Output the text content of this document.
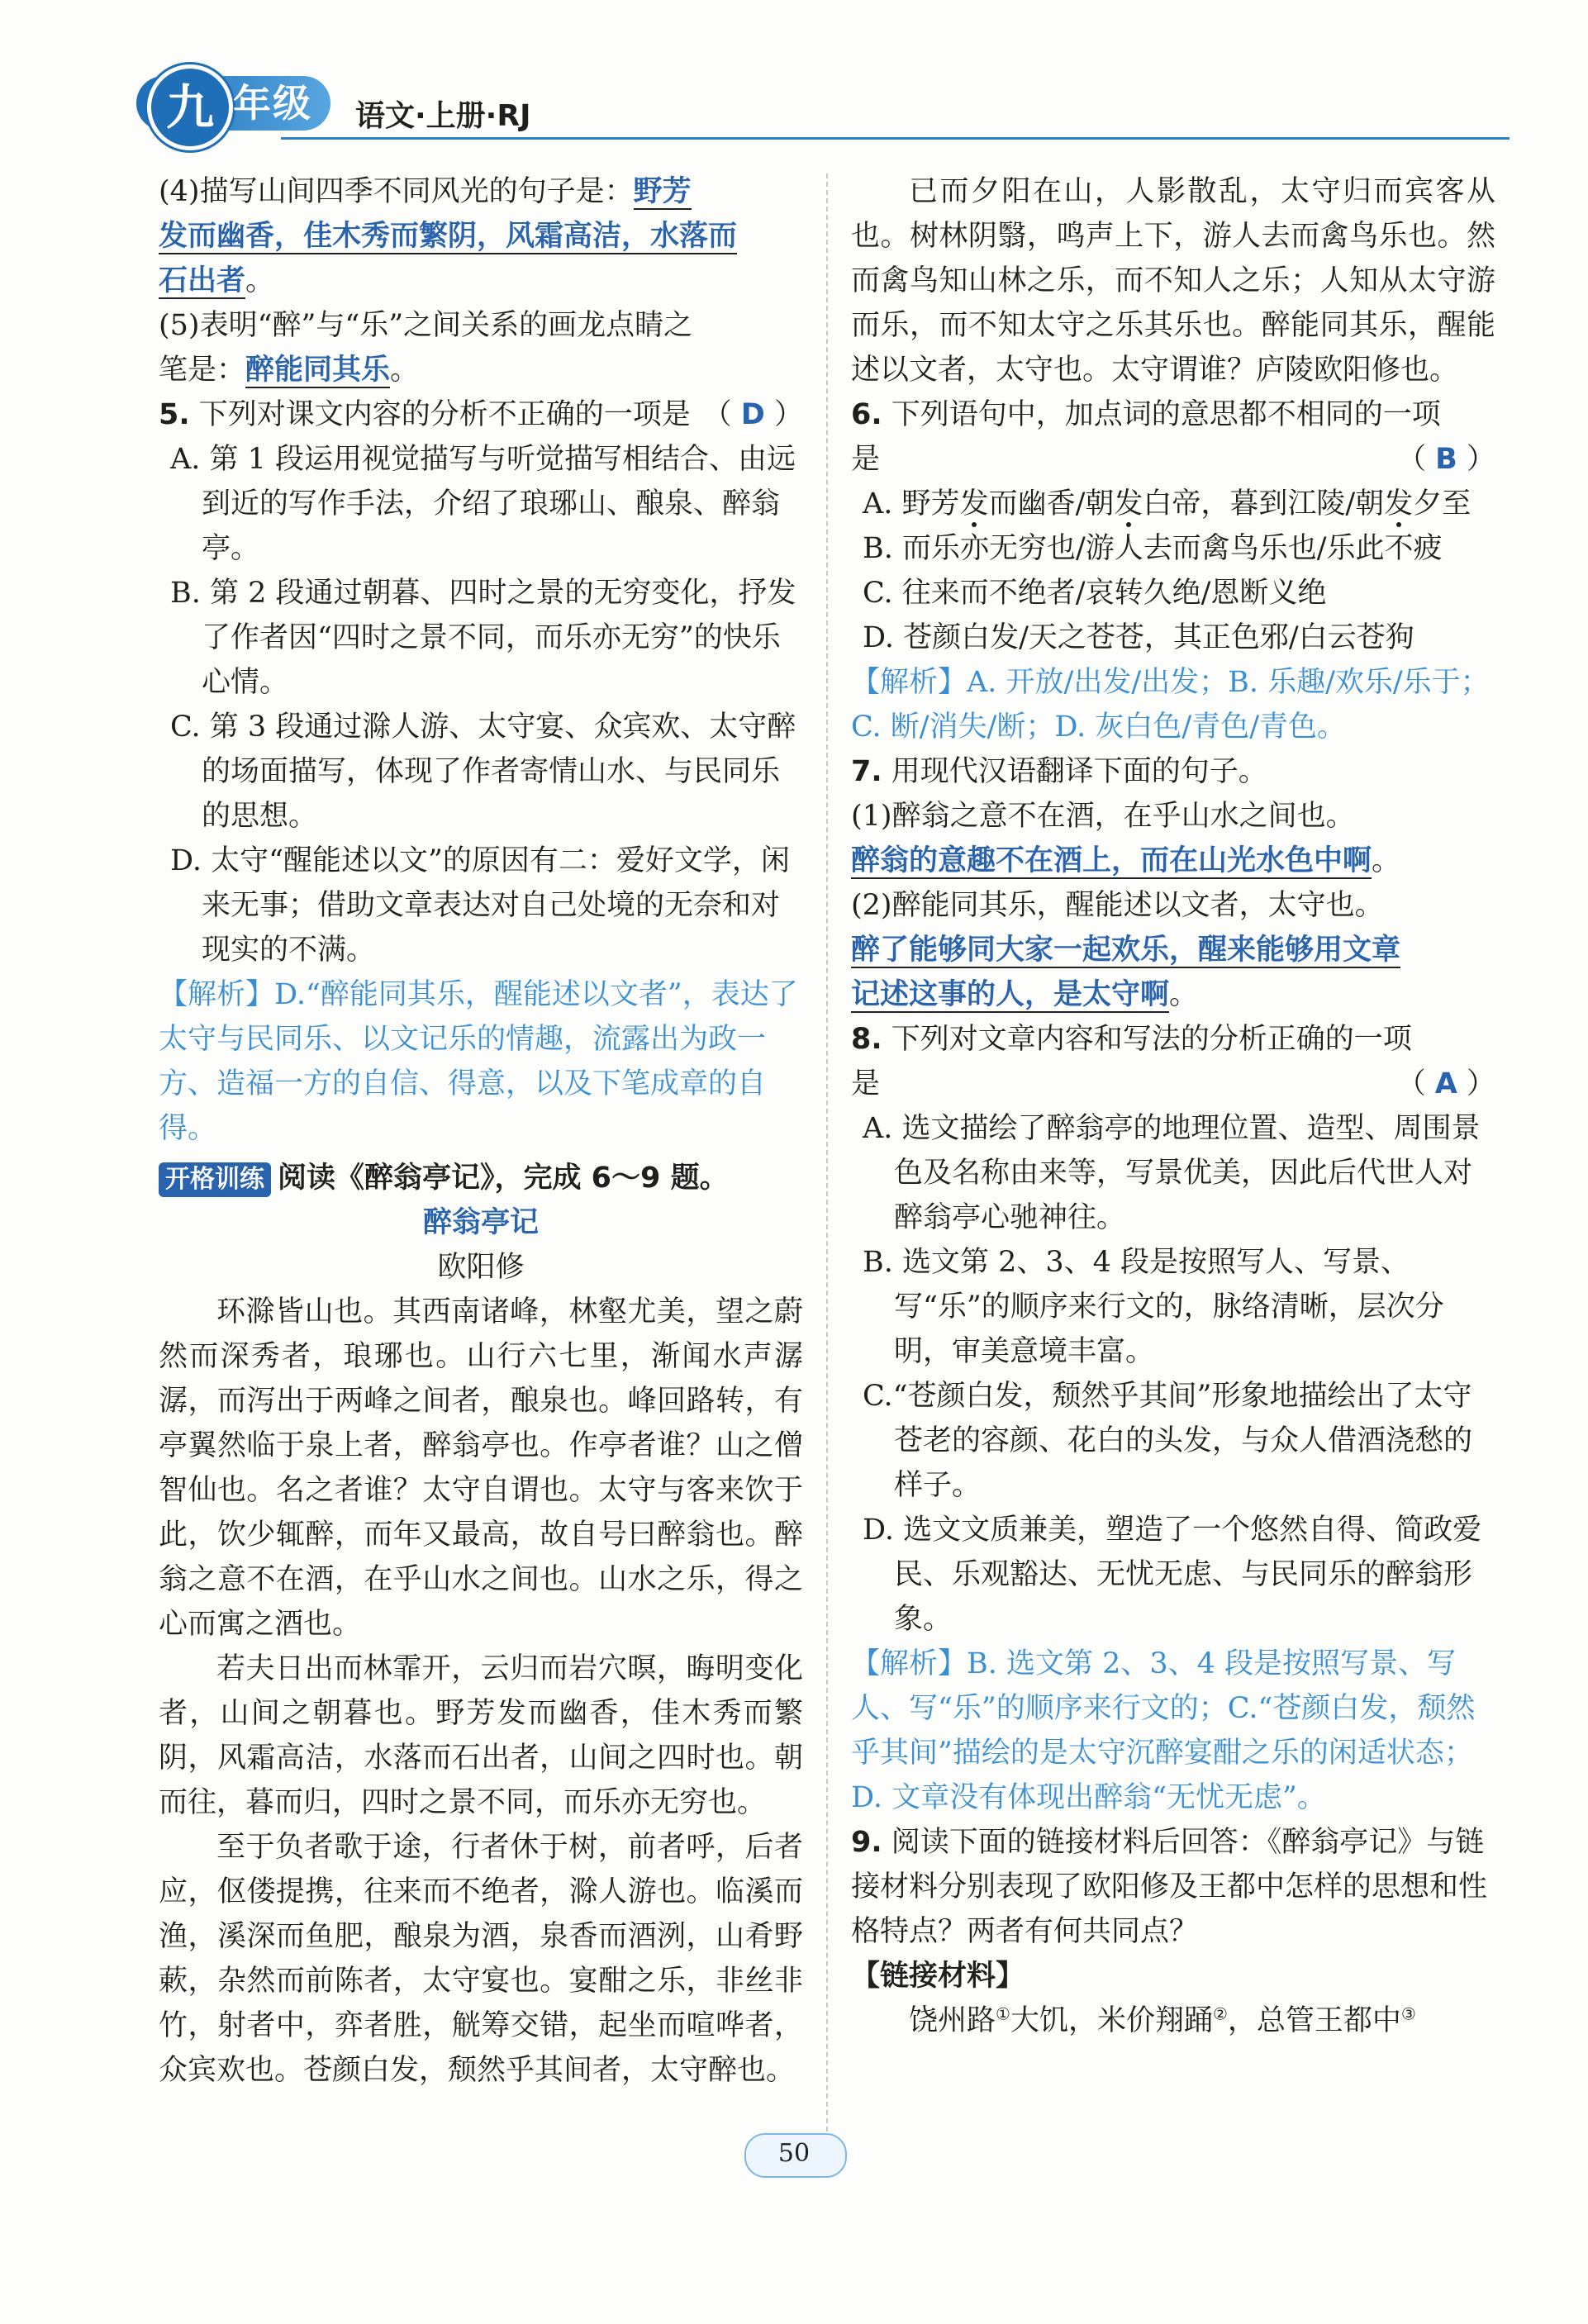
九 年级 语文·上册·RJ

(4)描写山间四季不同风光的句子是：野芳
发而幽香，佳木秀而繁阴，风霜高洁，水落而
石出者。

(5)表明“醉”与“乐”之间关系的画龙点睛之
笔是：醉能同其乐。

5. 下列对课文内容的分析不正确的一项是 （ D ）

A. 第 1 段运用视觉描写与听觉描写相结合、由远到近的写作手法，介绍了琅琊山、酿泉、醉翁亭。

B. 第 2 段通过朝暮、四时之景的无穷变化，抒发了作者因“四时之景不同，而乐亦无穷”的快乐心情。

C. 第 3 段通过滁人游、太守宴、众宾欢、太守醉的场面描写，体现了作者寄情山水、与民同乐的思想。

D. 太守“醒能述以文”的原因有二：爱好文学，闲来无事；借助文章表达对自己处境的无奈和对现实的不满。

【解析】D.“醉能同其乐，醒能述以文者”，表达了太守与民同乐、以文记乐的情趣，流露出为政一方、造福一方的自信、得意，以及下笔成章的自得。

开格训练 阅读《醉翁亭记》，完成 6～9 题。

醉翁亭记

欧阳修

环滁皆山也。其西南诸峰，林壑尤美，望之蔚然而深秀者，琅琊也。山行六七里，渐闻水声潺潺，而泻出于两峰之间者，酿泉也。峰回路转，有亭翼然临于泉上者，醉翁亭也。作亭者谁？山之僧智仙也。名之者谁？太守自谓也。太守与客来饮于此，饮少辄醉，而年又最高，故自号曰醉翁也。醉翁之意不在酒，在乎山水之间也。山水之乐，得之心而寓之酒也。

若夫日出而林霏开，云归而岩穴暝，晦明变化者，山间之朝暮也。野芳发而幽香，佳木秀而繁阴，风霜高洁，水落而石出者，山间之四时也。朝而往，暮而归，四时之景不同，而乐亦无穷也。

至于负者歌于途，行者休于树，前者呼，后者应，伛偻提携，往来而不绝者，滁人游也。临溪而渔，溪深而鱼肥，酿泉为酒，泉香而酒洌，山肴野蔌，杂然而前陈者，太守宴也。宴酣之乐，非丝非竹，射者中，弈者胜，觥筹交错，起坐而喧哗者，众宾欢也。苍颜白发，颓然乎其间者，太守醉也。

已而夕阳在山，人影散乱，太守归而宾客从也。树林阴翳，鸣声上下，游人去而禽鸟乐也。然而禽鸟知山林之乐，而不知人之乐；人知从太守游而乐，而不知太守之乐其乐也。醉能同其乐，醒能述以文者，太守也。太守谓谁？庐陵欧阳修也。

6. 下列语句中，加点词的意思都不相同的一项
是	（ B ）

A. 野芳发而幽香/朝发白帝，暮到江陵/朝发夕至

B. 而乐亦无穷也/游人去而禽鸟乐也/乐此不疲

C. 往来而不绝者/哀转久绝/恩断义绝

D. 苍颜白发/天之苍苍，其正色邪/白云苍狗

【解析】A. 开放/出发/出发；B. 乐趣/欢乐/乐于；C. 断/消失/断；D. 灰白色/青色/青色。

7. 用现代汉语翻译下面的句子。

(1)醉翁之意不在酒，在乎山水之间也。

醉翁的意趣不在酒上，而在山光水色中啊。

(2)醉能同其乐，醒能述以文者，太守也。

醉了能够同大家一起欢乐，醒来能够用文章
记述这事的人，是太守啊。

8. 下列对文章内容和写法的分析正确的一项
是	（ A ）

A. 选文描绘了醉翁亭的地理位置、造型、周围景色及名称由来等，写景优美，因此后代世人对醉翁亭心驰神往。

B. 选文第 2、3、4 段是按照写人、写景、写“乐”的顺序来行文的，脉络清晰，层次分明，审美意境丰富。

C.“苍颜白发，颓然乎其间”形象地描绘出了太守苍老的容颜、花白的头发，与众人借酒浇愁的样子。

D. 选文文质兼美，塑造了一个悠然自得、简政爱民、乐观豁达、无忧无虑、与民同乐的醉翁形象。

【解析】B. 选文第 2、3、4 段是按照写景、写人、写“乐”的顺序来行文的；C.“苍颜白发，颓然乎其间”描绘的是太守沉醉宴酣之乐的闲适状态；D. 文章没有体现出醉翁“无忧无虑”。

9. 阅读下面的链接材料后回答：《醉翁亭记》与链接材料分别表现了欧阳修及王都中怎样的思想和性格特点？两者有何共同点？

【链接材料】

饶州路①大饥，米价翔踊②，总管王都中③

50
